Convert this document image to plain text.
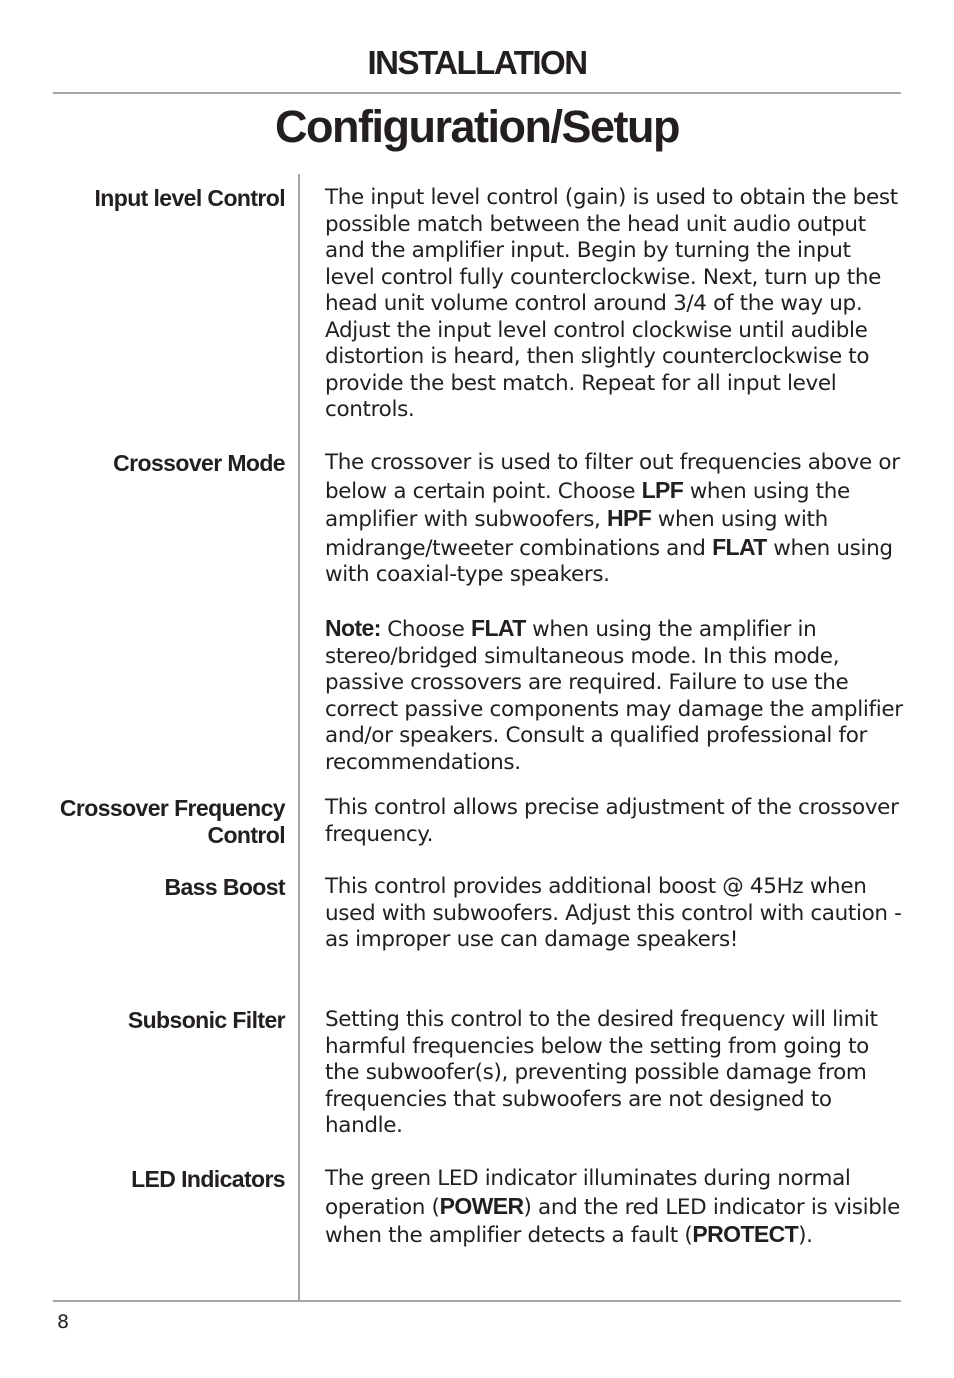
INSTALLATION
Configuration/Setup
Input level Control The input level control (gain) is used to obtain the best possible match between the head unit audio output and the amplifier input. Begin by turning the input level control fully counterclockwise. Next, turn up the head unit volume control around 3/4 of the way up. Adjust the input level control clockwise until audible distortion is heard, then slightly counterclockwise to provide the best match. Repeat for all input level controls.

Crossover Mode The crossover is used to filter out frequencies above or below a certain point. Choose LPF when using the amplifier with subwoofers, HPF when using with midrange/tweeter combinations and FLAT when using with coaxial-type speakers.

Note: Choose FLAT when using the amplifier in stereo/bridged simultaneous mode. In this mode, passive crossovers are required. Failure to use the correct passive components may damage the amplifier and/or speakers. Consult a qualified professional for recommendations.

Crossover Frequency
Control

This control allows precise adjustment of the crossover frequency.

Bass Boost This control provides additional boost @ 45Hz when used with subwoofers. Adjust this control with caution - as improper use can damage speakers!

Subsonic Filter Setting this control to the desired frequency will limit harmful frequencies below the setting from going to the subwoofer(s), preventing possible damage from frequencies that subwoofers are not designed to handle.

LED Indicators The green LED indicator illuminates during normal operation (POWER) and the red LED indicator is visible when the amplifier detects a fault (PROTECT).

8
